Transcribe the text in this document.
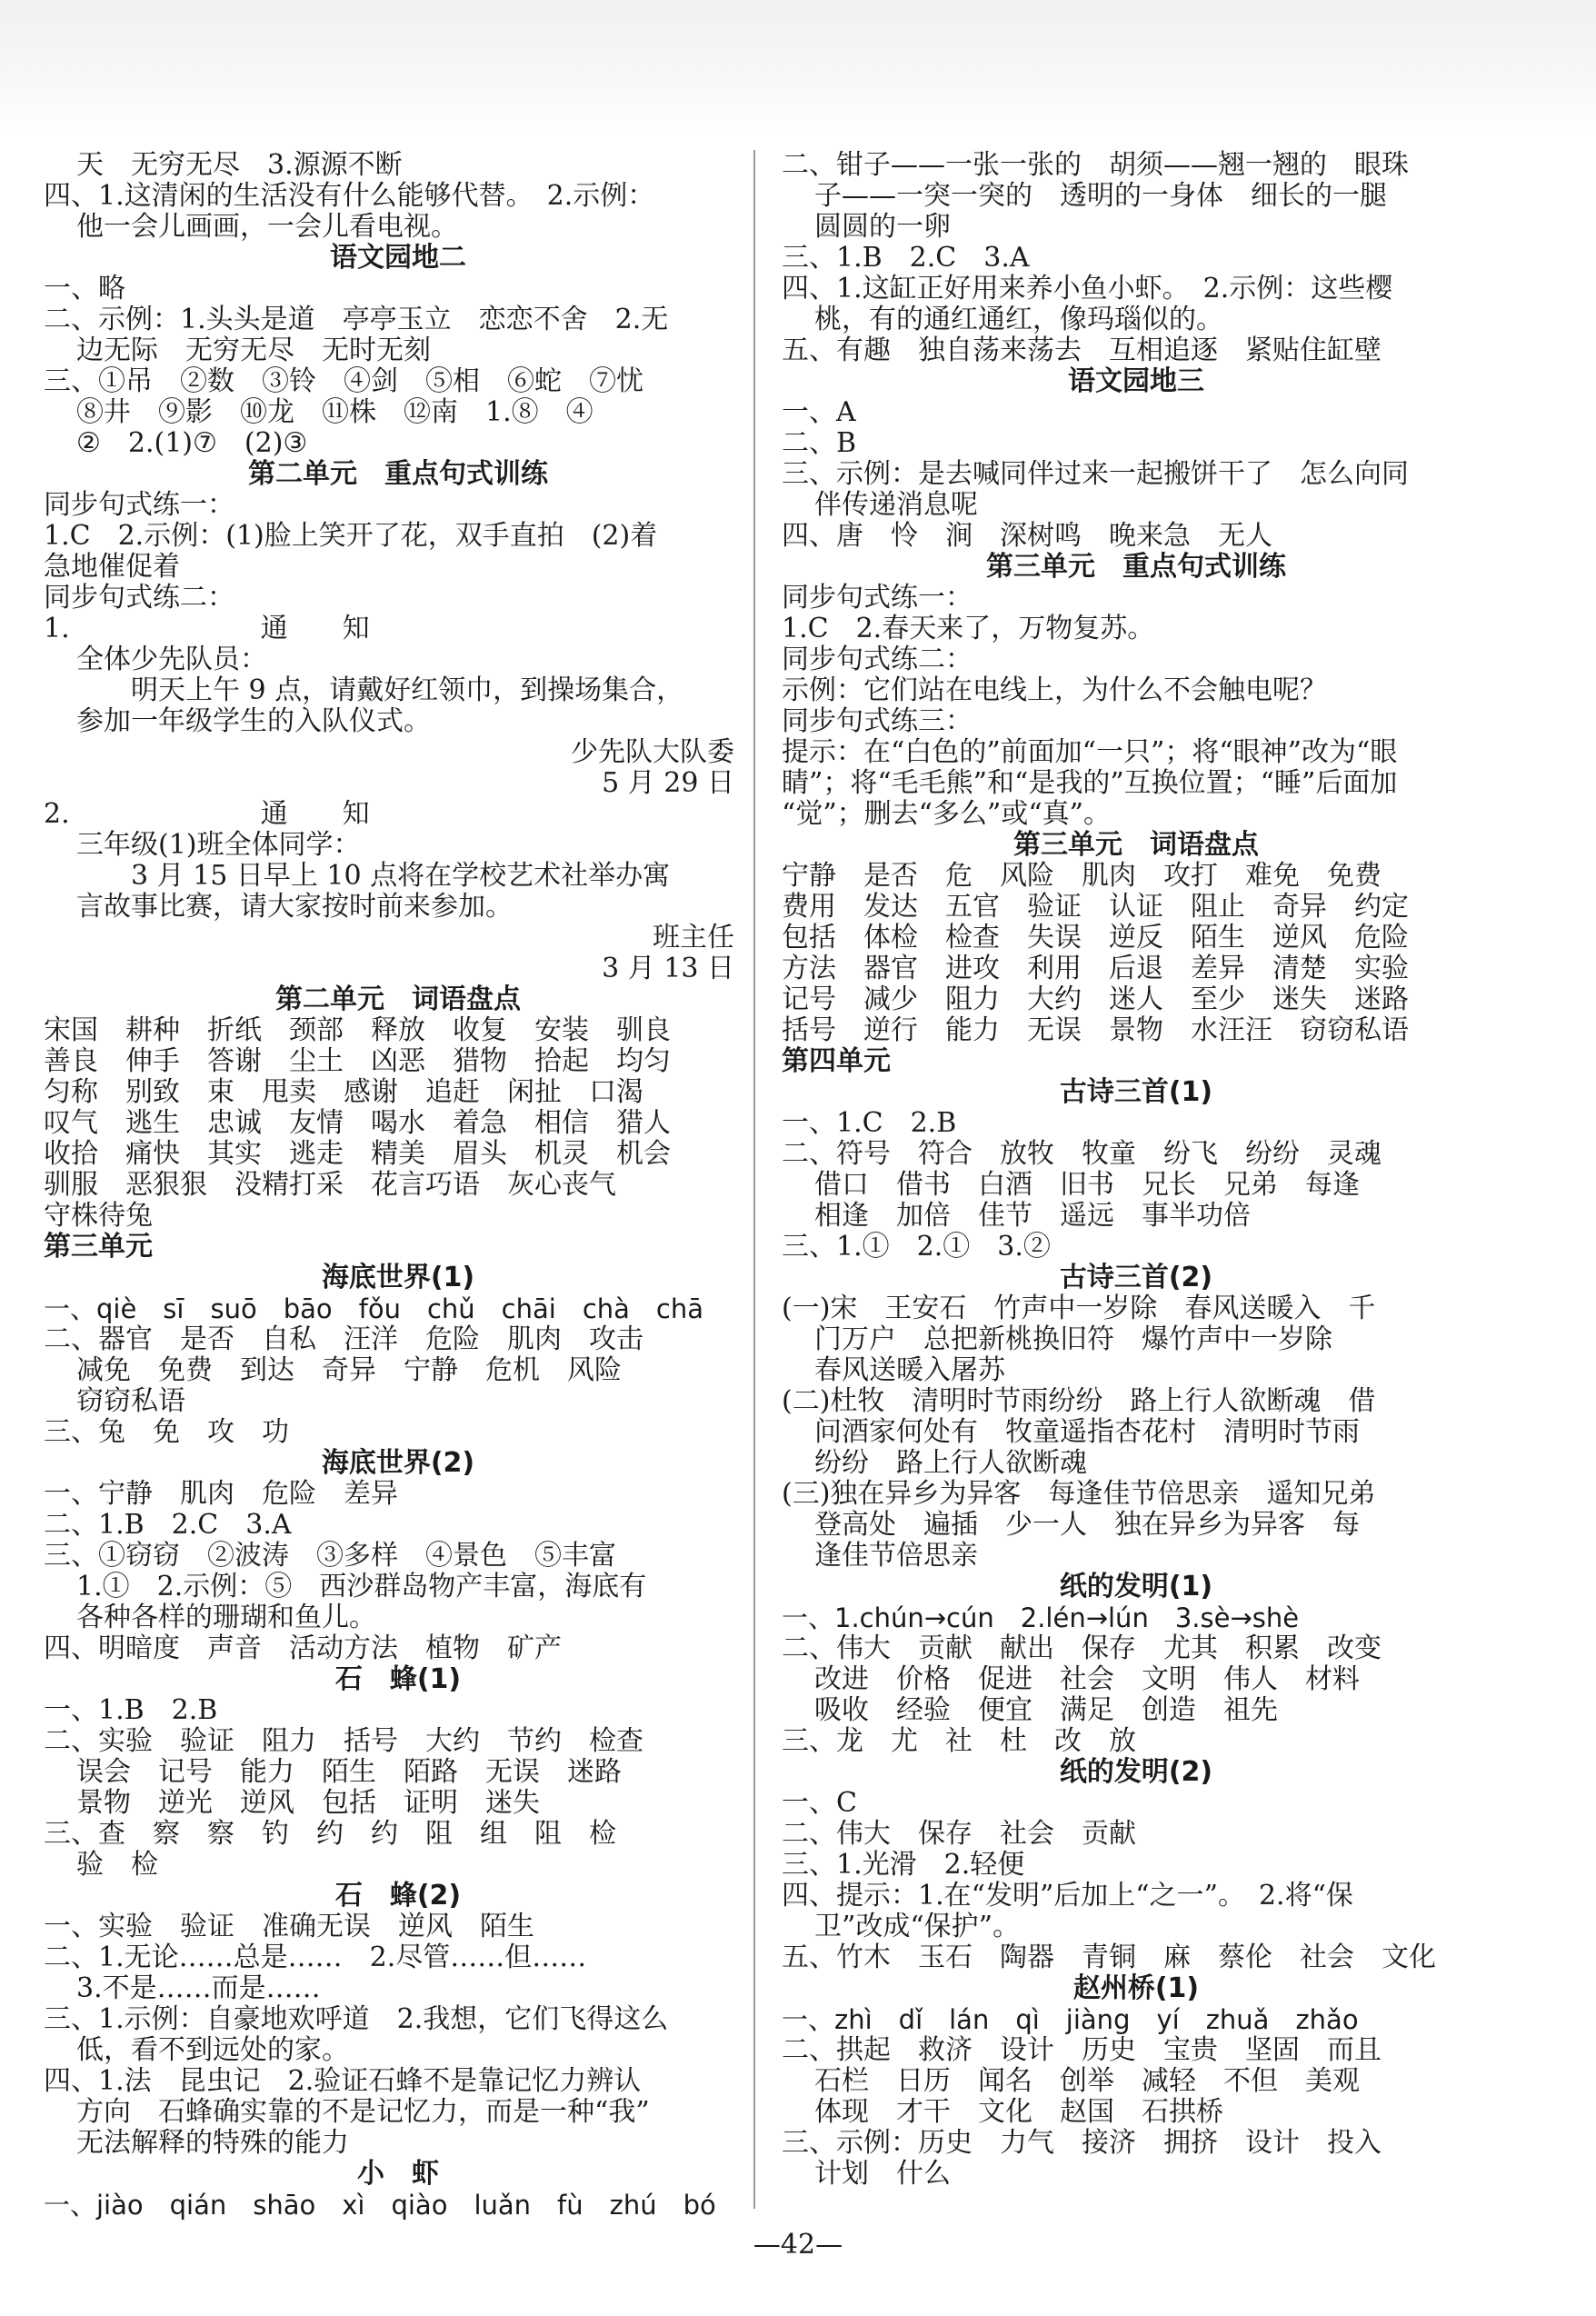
天　无穷无尽　3.源源不断
四、1.这清闲的生活没有什么能够代替。　2.示例：
他一会儿画画，一会儿看电视。
语文园地二
一、略
二、示例：1.头头是道　亭亭玉立　恋恋不舍　2.无
边无际　无穷无尽　无时无刻
三、①吊　②数　③铃　④剑　⑤相　⑥蛇　⑦忧
⑧井　⑨影　⑩龙　⑪株　⑫南　1.⑧　④
②　2.(1)⑦　(2)③
第二单元　重点句式训练
同步句式练一：
1.C　2.示例：(1)脸上笑开了花，双手直拍　(2)着
急地催促着
同步句式练二：
1.　　　　　　　通　　知
全体少先队员：
明天上午 9 点，请戴好红领巾，到操场集合，
参加一年级学生的入队仪式。
少先队大队委
5 月 29 日
2.　　　　　　　通　　知
三年级(1)班全体同学：
3 月 15 日早上 10 点将在学校艺术社举办寓
言故事比赛，请大家按时前来参加。
班主任
3 月 13 日
第二单元　词语盘点
宋国　耕种　折纸　颈部　释放　收复　安装　驯良
善良　伸手　答谢　尘土　凶恶　猎物　拾起　均匀
匀称　别致　束　甩卖　感谢　追赶　闲扯　口渴
叹气　逃生　忠诚　友情　喝水　着急　相信　猎人
收拾　痛快　其实　逃走　精美　眉头　机灵　机会
驯服　恶狠狠　没精打采　花言巧语　灰心丧气
守株待兔
第三单元
海底世界(1)
一、qiè　sī　suō　bāo　fǒu　chǔ　chāi　chà　chā
二、器官　是否　自私　汪洋　危险　肌肉　攻击
减免　免费　到达　奇异　宁静　危机　风险
窃窃私语
三、兔　免　攻　功
海底世界(2)
一、宁静　肌肉　危险　差异
二、1.B　2.C　3.A
三、①窃窃　②波涛　③多样　④景色　⑤丰富
1.①　2.示例：⑤　西沙群岛物产丰富，海底有
各种各样的珊瑚和鱼儿。
四、明暗度　声音　活动方法　植物　矿产
石　蜂(1)
一、1.B　2.B
二、实验　验证　阻力　括号　大约　节约　检查
误会　记号　能力　陌生　陌路　无误　迷路
景物　逆光　逆风　包括　证明　迷失
三、查　察　察　钓　约　约　阻　组　阻　检
验　检
石　蜂(2)
一、实验　验证　准确无误　逆风　陌生
二、1.无论……总是……　2.尽管……但……
3.不是……而是……
三、1.示例：自豪地欢呼道　2.我想，它们飞得这么
低，看不到远处的家。
四、1.法　昆虫记　2.验证石蜂不是靠记忆力辨认
方向　石蜂确实靠的不是记忆力，而是一种“我”
无法解释的特殊的能力
小　虾
一、jiào　qián　shāo　xì　qiào　luǎn　fù　zhú　bó
二、钳子——一张一张的　胡须——翘一翘的　眼珠
子——一突一突的　透明的一身体　细长的一腿
圆圆的一卵
三、1.B　2.C　3.A
四、1.这缸正好用来养小鱼小虾。　2.示例：这些樱
桃，有的通红通红，像玛瑙似的。
五、有趣　独自荡来荡去　互相追逐　紧贴住缸壁
语文园地三
一、A
二、B
三、示例：是去喊同伴过来一起搬饼干了　怎么向同
伴传递消息呢
四、唐　怜　涧　深树鸣　晚来急　无人
第三单元　重点句式训练
同步句式练一：
1.C　2.春天来了，万物复苏。
同步句式练二：
示例：它们站在电线上，为什么不会触电呢？
同步句式练三：
提示：在“白色的”前面加“一只”；将“眼神”改为“眼
睛”；将“毛毛熊”和“是我的”互换位置；“睡”后面加
“觉”；删去“多么”或“真”。
第三单元　词语盘点
宁静　是否　危　风险　肌肉　攻打　难免　免费
费用　发达　五官　验证　认证　阻止　奇异　约定
包括　体检　检查　失误　逆反　陌生　逆风　危险
方法　器官　进攻　利用　后退　差异　清楚　实验
记号　减少　阻力　大约　迷人　至少　迷失　迷路
括号　逆行　能力　无误　景物　水汪汪　窃窃私语
第四单元
古诗三首(1)
一、1.C　2.B
二、符号　符合　放牧　牧童　纷飞　纷纷　灵魂
借口　借书　白酒　旧书　兄长　兄弟　每逢
相逢　加倍　佳节　遥远　事半功倍
三、1.①　2.①　3.②
古诗三首(2)
(一)宋　王安石　竹声中一岁除　春风送暖入　千
门万户　总把新桃换旧符　爆竹声中一岁除
春风送暖入屠苏
(二)杜牧　清明时节雨纷纷　路上行人欲断魂　借
问酒家何处有　牧童遥指杏花村　清明时节雨
纷纷　路上行人欲断魂
(三)独在异乡为异客　每逢佳节倍思亲　遥知兄弟
登高处　遍插　少一人　独在异乡为异客　每
逢佳节倍思亲
纸的发明(1)
一、1.chún→cún　2.lén→lún　3.sè→shè
二、伟大　贡献　献出　保存　尤其　积累　改变
改进　价格　促进　社会　文明　伟人　材料
吸收　经验　便宜　满足　创造　祖先
三、龙　尤　社　杜　改　放
纸的发明(2)
一、C
二、伟大　保存　社会　贡献
三、1.光滑　2.轻便
四、提示：1.在“发明”后加上“之一”。　2.将“保
卫”改成“保护”。
五、竹木　玉石　陶器　青铜　麻　蔡伦　社会　文化
赵州桥(1)
一、zhì　dǐ　lán　qì　jiàng　yí　zhuǎ　zhǎo
二、拱起　救济　设计　历史　宝贵　坚固　而且
石栏　日历　闻名　创举　减轻　不但　美观
体现　才干　文化　赵国　石拱桥
三、示例：历史　力气　接济　拥挤　设计　投入
计划　什么
—42—
